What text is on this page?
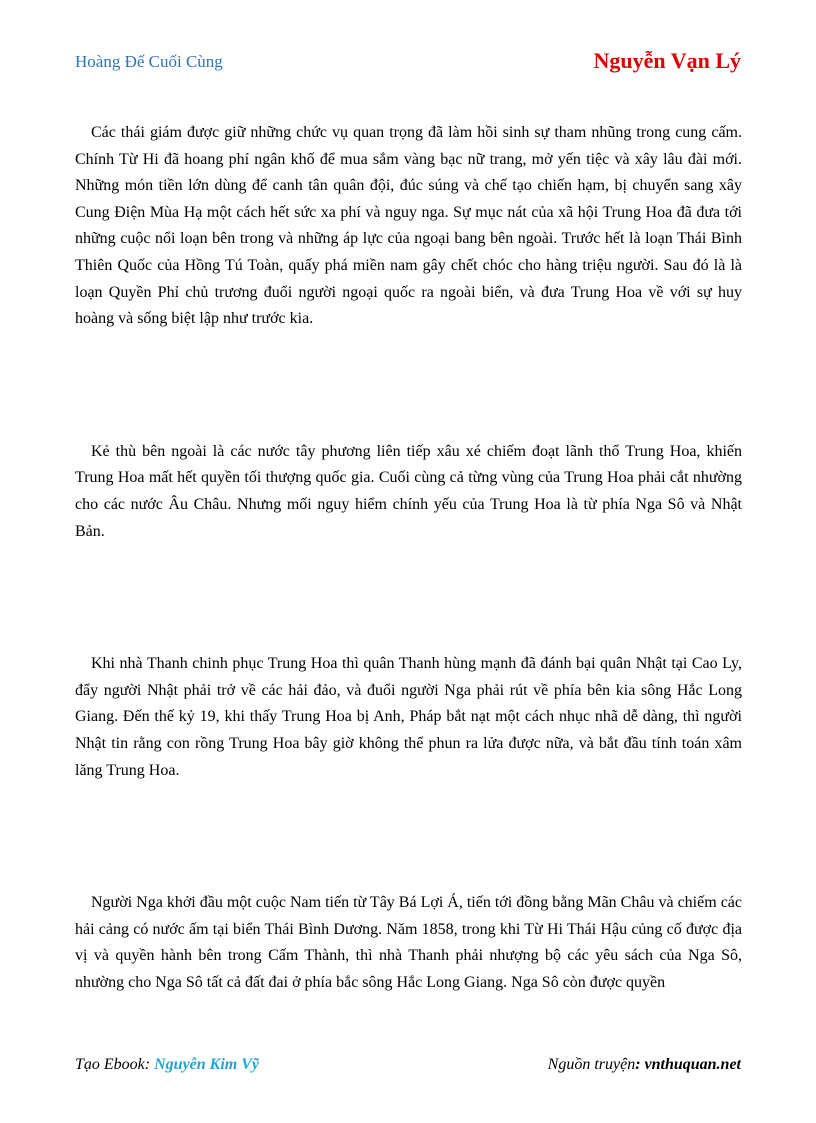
Hoàng Đế Cuối Cùng	Nguyễn Vạn Lý

Các thái giám được giữ những chức vụ quan trọng đã làm hồi sinh sự tham nhũng trong cung cấm. Chính Từ Hi đã hoang phí ngân khố để mua sắm vàng bạc nữ trang, mở yến tiệc và xây lâu đài mới. Những món tiền lớn dùng để canh tân quân đội, đúc súng và chế tạo chiến hạm, bị chuyển sang xây Cung Điện Mùa Hạ một cách hết sức xa phí và nguy nga. Sự mục nát của xã hội Trung Hoa đã đưa tới những cuộc nổi loạn bên trong và những áp lực của ngoại bang bên ngoài. Trước hết là loạn Thái Bình Thiên Quốc của Hồng Tú Toàn, quấy phá miền nam gây chết chóc cho hàng triệu người. Sau đó là là loạn Quyền Phỉ chủ trương đuổi người ngoại quốc ra ngoài biển, và đưa Trung Hoa về với sự huy hoàng và sống biệt lập như trước kia.

Kẻ thù bên ngoài là các nước tây phương liên tiếp xâu xé chiếm đoạt lãnh thổ Trung Hoa, khiến Trung Hoa mất hết quyền tối thượng quốc gia. Cuối cùng cả từng vùng của Trung Hoa phải cắt nhường cho các nước Âu Châu. Nhưng mối nguy hiểm chính yếu của Trung Hoa là từ phía Nga Sô và Nhật Bản.

Khi nhà Thanh chinh phục Trung Hoa thì quân Thanh hùng mạnh đã đánh bại quân Nhật tại Cao Ly, đẩy người Nhật phải trở về các hải đảo, và đuổi người Nga phải rút về phía bên kia sông Hắc Long Giang. Đến thế kỷ 19, khi thấy Trung Hoa bị Anh, Pháp bắt nạt một cách nhục nhã dễ dàng, thì người Nhật tin rằng con rồng Trung Hoa bây giờ không thể phun ra lửa được nữa, và bắt đầu tính toán xâm lăng Trung Hoa.

Người Nga khởi đầu một cuộc Nam tiến từ Tây Bá Lợi Á, tiến tới đồng bằng Mãn Châu và chiếm các hải cảng có nước ấm tại biển Thái Bình Dương. Năm 1858, trong khi Từ Hi Thái Hậu củng cố được địa vị và quyền hành bên trong Cấm Thành, thì nhà Thanh phải nhượng bộ các yêu sách của Nga Sô, nhường cho Nga Sô tất cả đất đai ở phía bắc sông Hắc Long Giang. Nga Sô còn được quyền

Tạo Ebook: Nguyễn Kim Vỹ	Nguồn truyện: vnthuquan.net
